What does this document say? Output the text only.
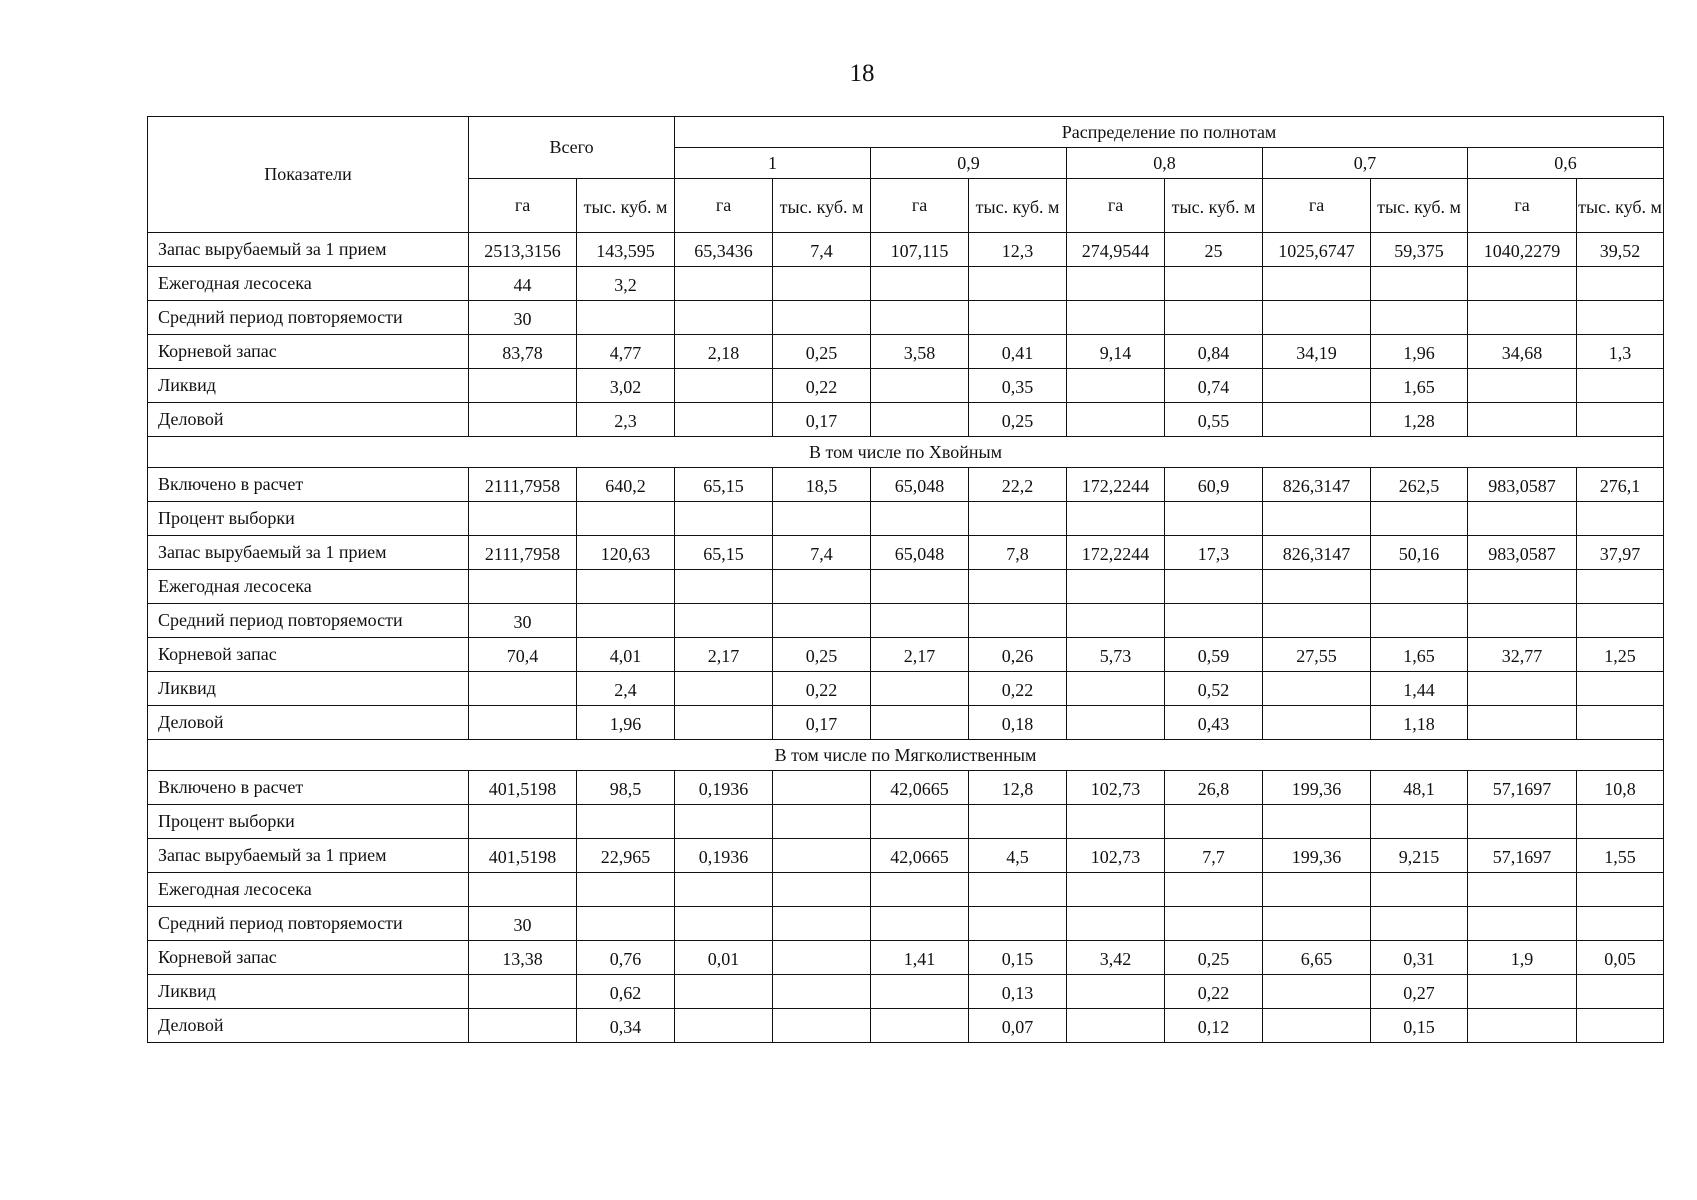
18
Показатели	Всего		Распределение по полнотам									
			1		0,9		0,8		0,7		0,6	
	га	тыс. куб. м	га	тыс. куб. м	га	тыс. куб. м	га	тыс. куб. м	га	тыс. куб. м	га	тыс. куб. м
Запас вырубаемый за 1 прием	2513,3156	143,595	65,3436	7,4	107,115	12,3	274,9544	25	1025,6747	59,375	1040,2279	39,52
Ежегодная лесосека	44	3,2										
Средний период повторяемости	30											
Корневой запас	83,78	4,77	2,18	0,25	3,58	0,41	9,14	0,84	34,19	1,96	34,68	1,3
Ликвид		3,02		0,22		0,35		0,74		1,65		
Деловой		2,3		0,17		0,25		0,55		1,28		
В том числе по Хвойным												
Включено в расчет	2111,7958	640,2	65,15	18,5	65,048	22,2	172,2244	60,9	826,3147	262,5	983,0587	276,1
Процент выборки												
Запас вырубаемый за 1 прием	2111,7958	120,63	65,15	7,4	65,048	7,8	172,2244	17,3	826,3147	50,16	983,0587	37,97
Ежегодная лесосека												
Средний период повторяемости	30											
Корневой запас	70,4	4,01	2,17	0,25	2,17	0,26	5,73	0,59	27,55	1,65	32,77	1,25
Ликвид		2,4		0,22		0,22		0,52		1,44		
Деловой		1,96		0,17		0,18		0,43		1,18		
В том числе по Мягколиственным												
Включено в расчет	401,5198	98,5	0,1936		42,0665	12,8	102,73	26,8	199,36	48,1	57,1697	10,8
Процент выборки												
Запас вырубаемый за 1 прием	401,5198	22,965	0,1936		42,0665	4,5	102,73	7,7	199,36	9,215	57,1697	1,55
Ежегодная лесосека												
Средний период повторяемости	30											
Корневой запас	13,38	0,76	0,01		1,41	0,15	3,42	0,25	6,65	0,31	1,9	0,05
Ликвид		0,62				0,13		0,22		0,27		
Деловой		0,34				0,07		0,12		0,15		
